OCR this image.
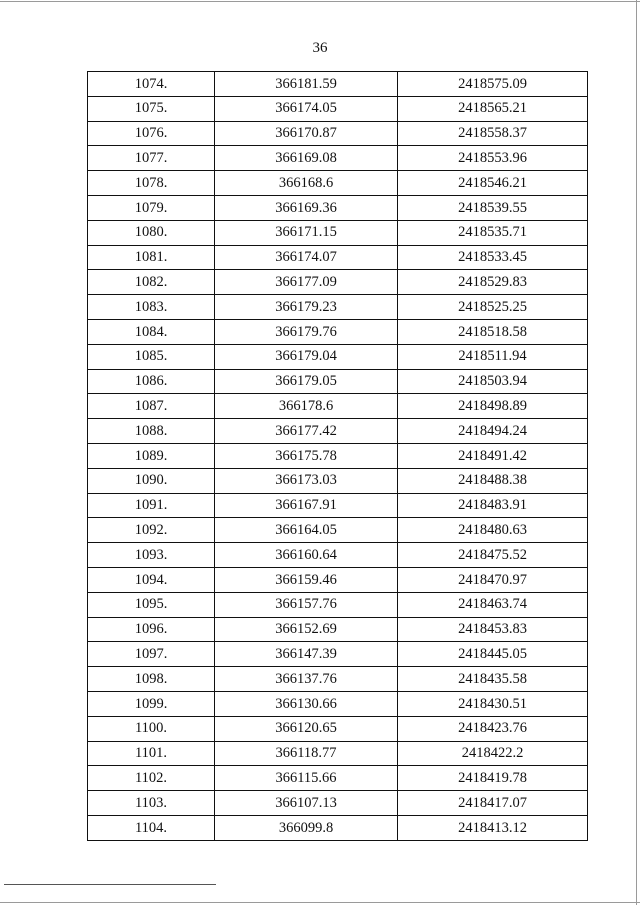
36
1074.	366181.59	2418575.09
1075.	366174.05	2418565.21
1076.	366170.87	2418558.37
1077.	366169.08	2418553.96
1078.	366168.6	2418546.21
1079.	366169.36	2418539.55
1080.	366171.15	2418535.71
1081.	366174.07	2418533.45
1082.	366177.09	2418529.83
1083.	366179.23	2418525.25
1084.	366179.76	2418518.58
1085.	366179.04	2418511.94
1086.	366179.05	2418503.94
1087.	366178.6	2418498.89
1088.	366177.42	2418494.24
1089.	366175.78	2418491.42
1090.	366173.03	2418488.38
1091.	366167.91	2418483.91
1092.	366164.05	2418480.63
1093.	366160.64	2418475.52
1094.	366159.46	2418470.97
1095.	366157.76	2418463.74
1096.	366152.69	2418453.83
1097.	366147.39	2418445.05
1098.	366137.76	2418435.58
1099.	366130.66	2418430.51
1100.	366120.65	2418423.76
1101.	366118.77	2418422.2
1102.	366115.66	2418419.78
1103.	366107.13	2418417.07
1104.	366099.8	2418413.12
